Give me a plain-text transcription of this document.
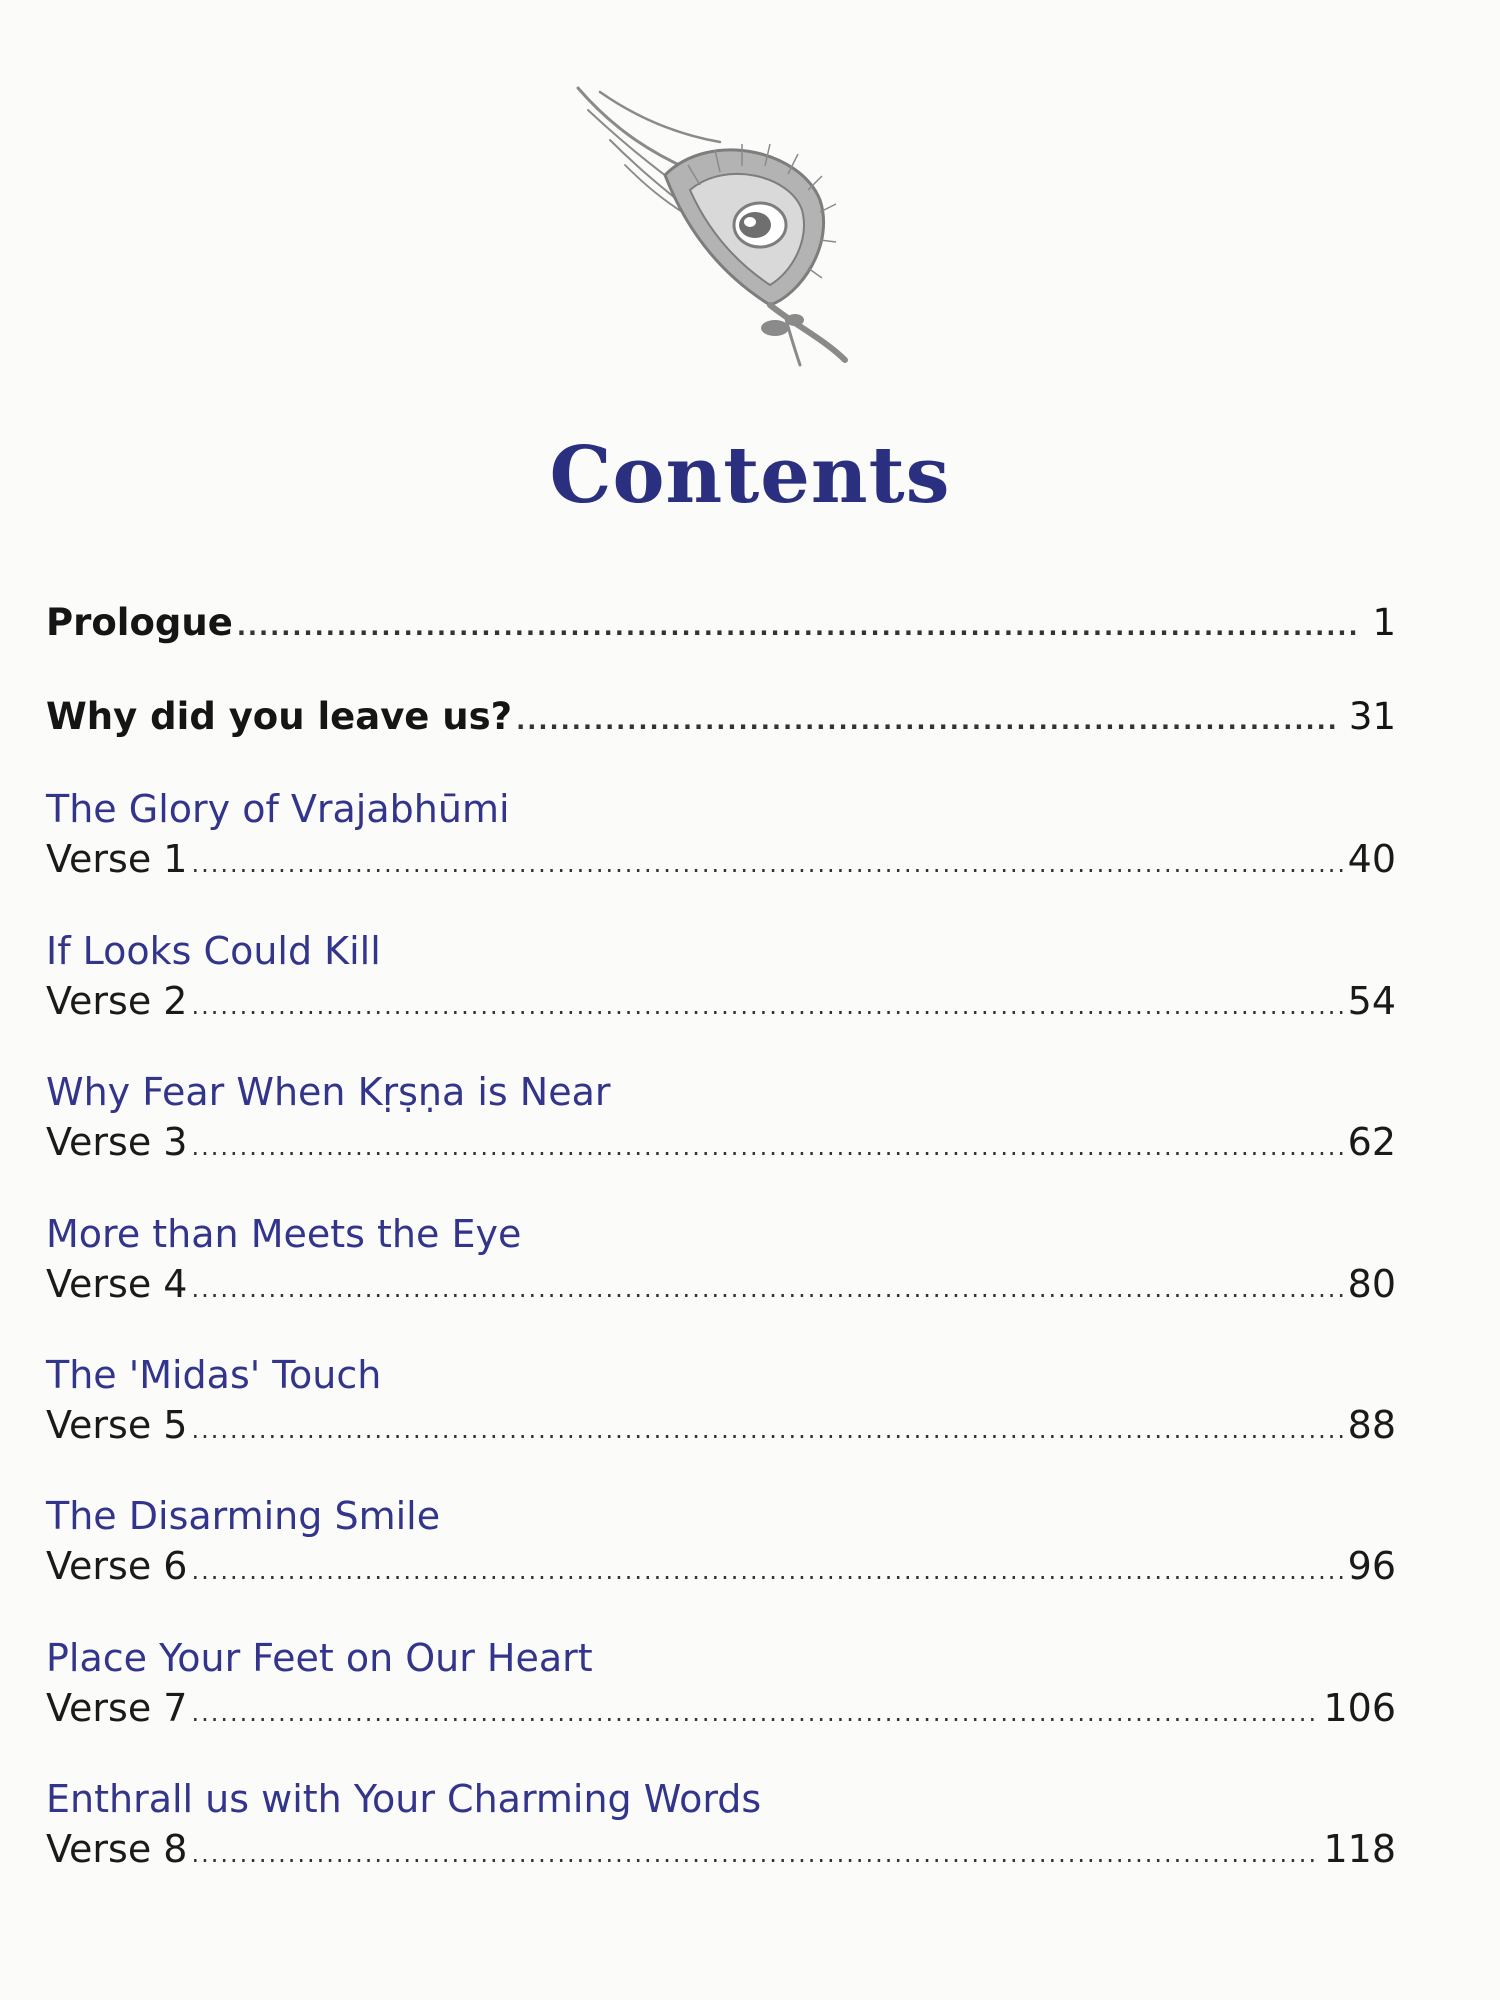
Contents
Prologue .....	1
Why did you leave us? .....	31
The Glory of Vrajabhūmi
Verse 1 .....	40
If Looks Could Kill
Verse 2 .....	54
Why Fear When Kṛṣṇa is Near
Verse 3 .....	62
More than Meets the Eye
Verse 4 .....	80
The 'Midas' Touch
Verse 5 .....	88
The Disarming Smile
Verse 6 .....	96
Place Your Feet on Our Heart
Verse 7 .....	106
Enthrall us with Your Charming Words
Verse 8 .....	118
